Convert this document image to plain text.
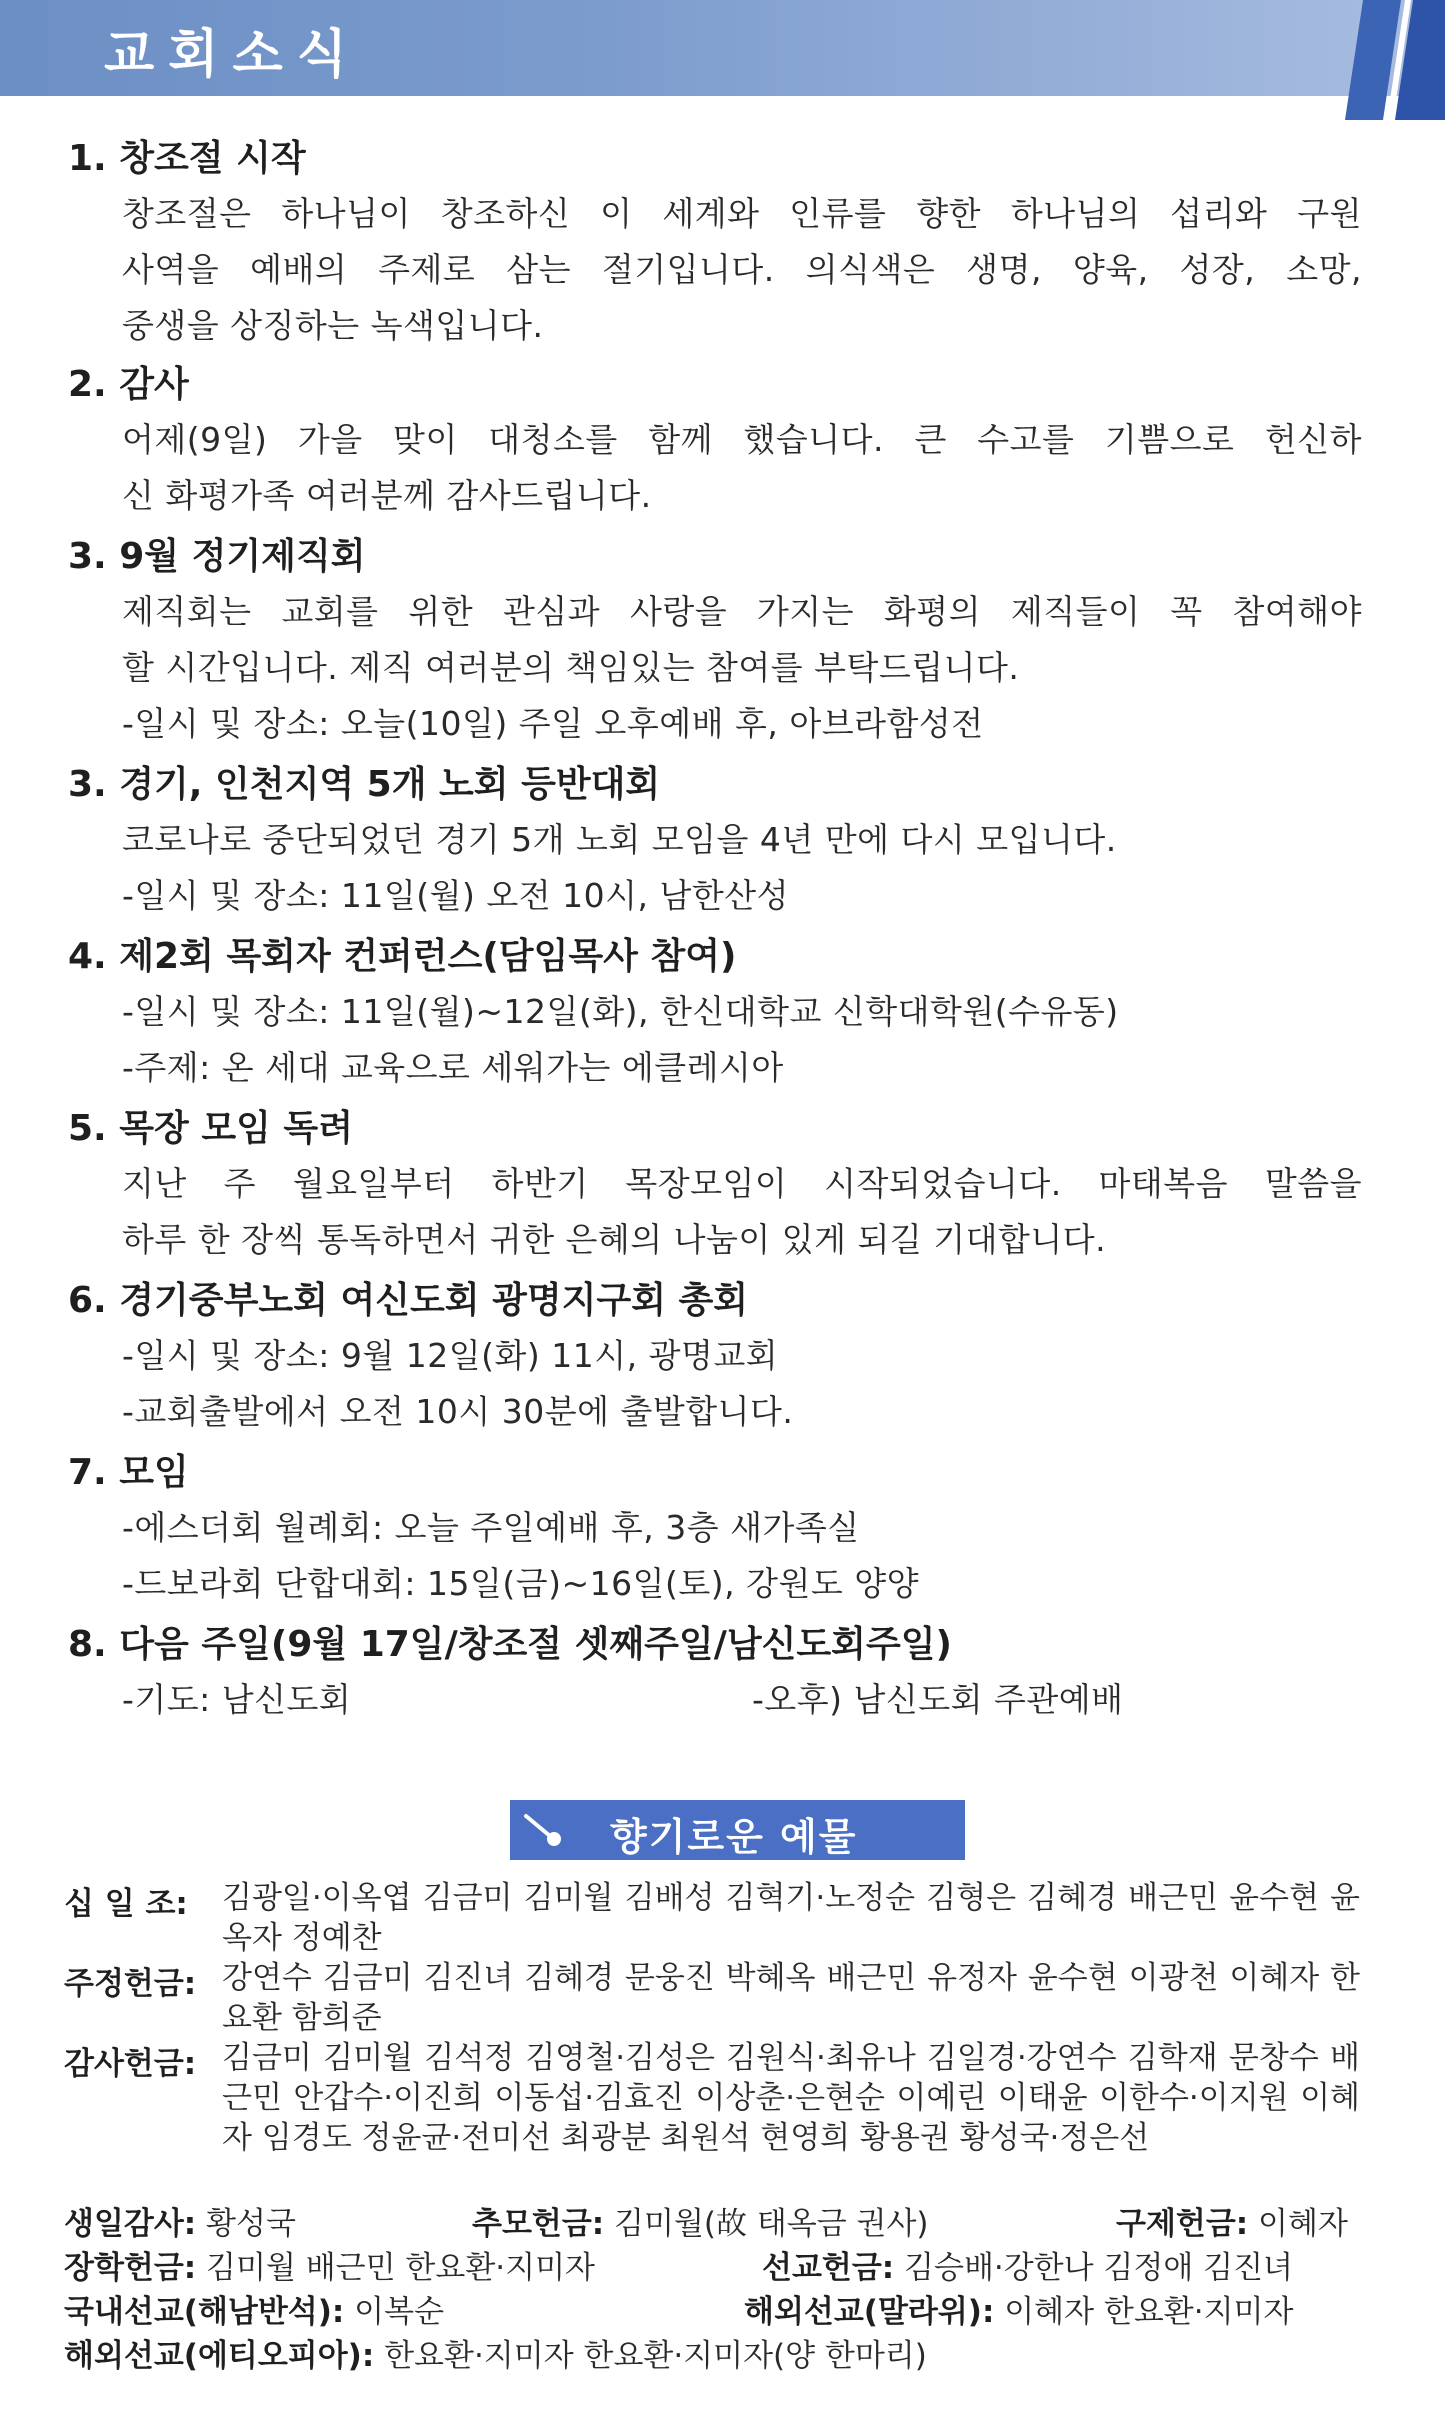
교회소식
1. 창조절 시작
창조절은 하나님이 창조하신 이 세계와 인류를 향한 하나님의 섭리와 구원
사역을 예배의 주제로 삼는 절기입니다. 의식색은 생명, 양육, 성장, 소망,
중생을 상징하는 녹색입니다.
2. 감사
어제(9일) 가을 맞이 대청소를 함께 했습니다. 큰 수고를 기쁨으로 헌신하
신 화평가족 여러분께 감사드립니다.
3. 9월 정기제직회
제직회는 교회를 위한 관심과 사랑을 가지는 화평의 제직들이 꼭 참여해야
할 시간입니다. 제직 여러분의 책임있는 참여를 부탁드립니다.
-일시 및 장소: 오늘(10일) 주일 오후예배 후, 아브라함성전
3. 경기, 인천지역 5개 노회 등반대회
코로나로 중단되었던 경기 5개 노회 모임을 4년 만에 다시 모입니다.
-일시 및 장소: 11일(월) 오전 10시, 남한산성
4. 제2회 목회자 컨퍼런스(담임목사 참여)
-일시 및 장소: 11일(월)~12일(화), 한신대학교 신학대학원(수유동)
-주제: 온 세대 교육으로 세워가는 에클레시아
5. 목장 모임 독려
지난 주 월요일부터 하반기 목장모임이 시작되었습니다. 마태복음 말씀을
하루 한 장씩 통독하면서 귀한 은혜의 나눔이 있게 되길 기대합니다.
6. 경기중부노회 여신도회 광명지구회 총회
-일시 및 장소: 9월 12일(화) 11시, 광명교회
-교회출발에서 오전 10시 30분에 출발합니다.
7. 모임
-에스더회 월례회: 오늘 주일예배 후, 3층 새가족실
-드보라회 단합대회: 15일(금)~16일(토), 강원도 양양
8. 다음 주일(9월 17일/창조절 셋째주일/남신도회주일)
-기도: 남신도회	-오후) 남신도회 주관예배
향기로운 예물
십 일 조: 김광일·이옥엽 김금미 김미월 김배성 김혁기·노정순 김형은 김혜경 배근민 윤수현 윤옥자 정예찬
주정헌금: 강연수 김금미 김진녀 김혜경 문웅진 박혜옥 배근민 유정자 윤수현 이광천 이혜자 한요환 함희준
감사헌금: 김금미 김미월 김석정 김영철·김성은 김원식·최유나 김일경·강연수 김학재 문창수 배근민 안갑수·이진희 이동섭·김효진 이상춘·은현순 이예린 이태윤 이한수·이지원 이혜자 임경도 정윤균·전미선 최광분 최원석 현영희 황용권 황성국·정은선
생일감사: 황성국	추모헌금: 김미월(故 태옥금 권사)	구제헌금: 이혜자
장학헌금: 김미월 배근민 한요환·지미자	선교헌금: 김승배·강한나 김정애 김진녀
국내선교(해남반석): 이복순	해외선교(말라위): 이혜자 한요환·지미자
해외선교(에티오피아): 한요환·지미자 한요환·지미자(양 한마리)
